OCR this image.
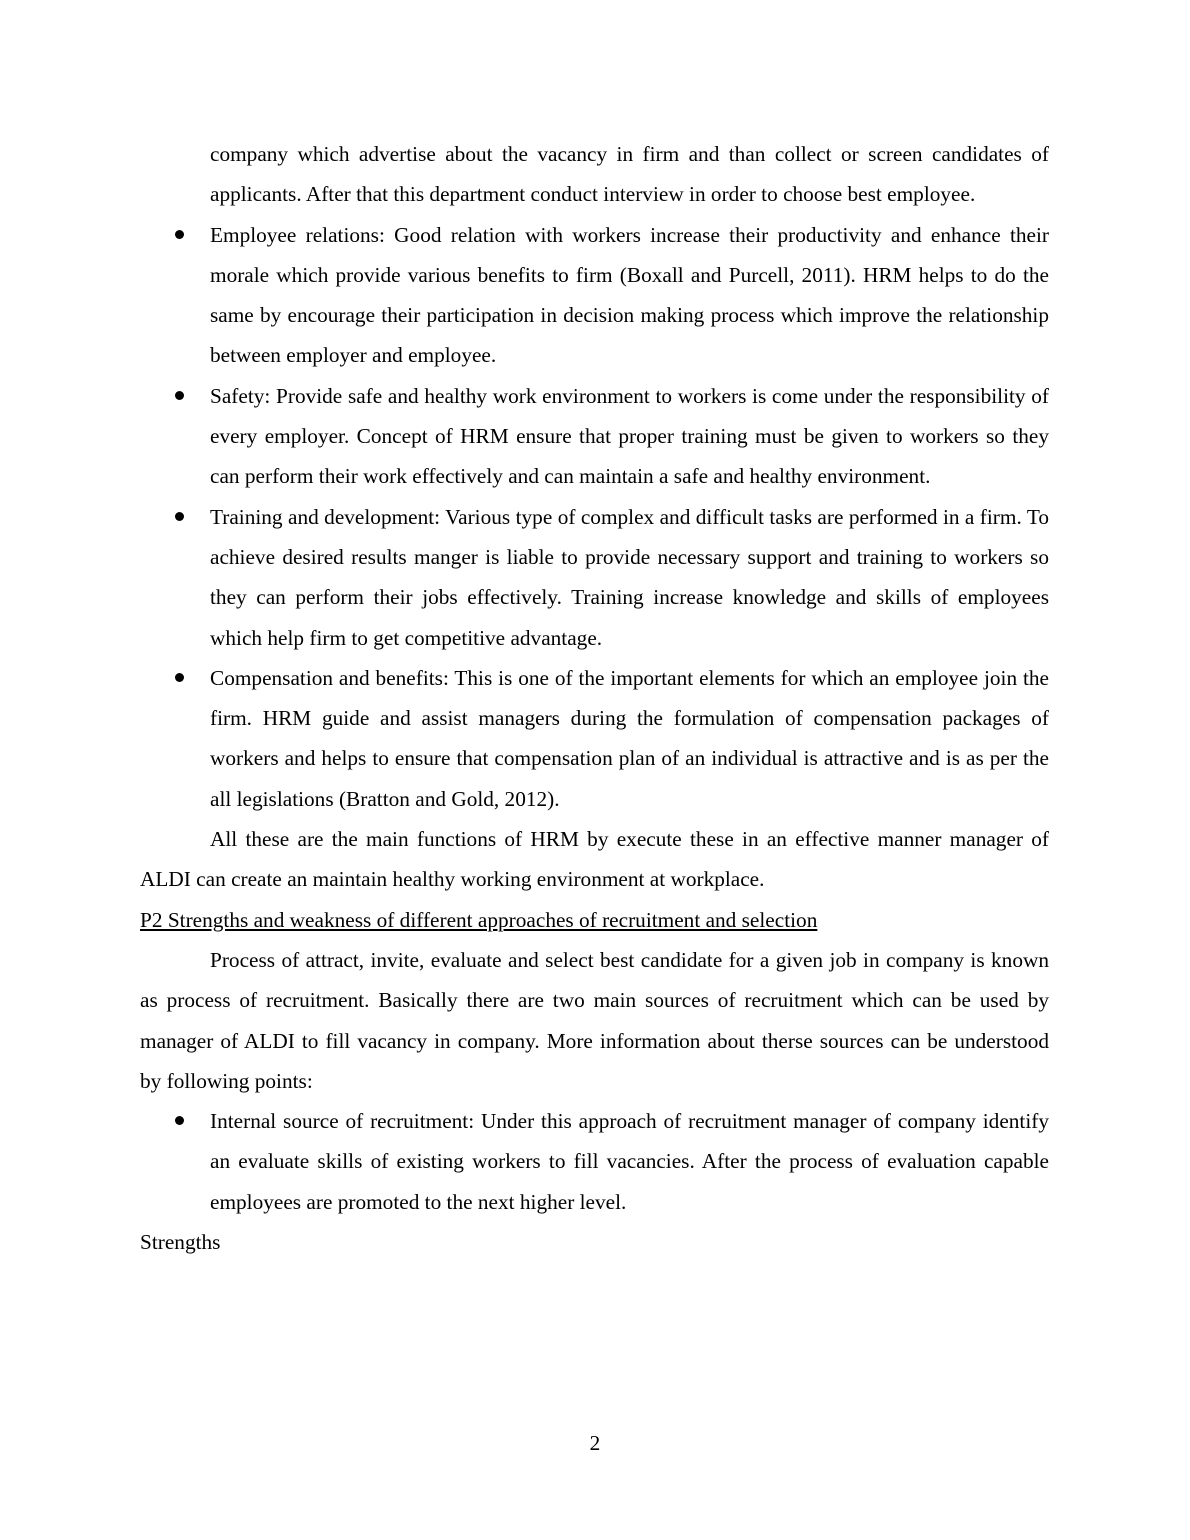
company which advertise about the vacancy in firm and than collect or screen candidates of applicants. After that this department conduct interview in order to choose best employee.

Employee relations: Good relation with workers increase their productivity and enhance their morale which provide various benefits to firm (Boxall and Purcell, 2011). HRM helps to do the same by encourage their participation in decision making process which improve the relationship between employer and employee.

Safety: Provide safe and healthy work environment to workers is come under the responsibility of every employer. Concept of HRM ensure that proper training must be given to workers so they can perform their work effectively and can maintain a safe and healthy environment.

Training and development: Various type of complex and difficult tasks are performed in a firm. To achieve desired results manger is liable to provide necessary support and training to workers so they can perform their jobs effectively. Training increase knowledge and skills of employees which help firm to get competitive advantage.

Compensation and benefits: This is one of the important elements for which an employee join the firm. HRM guide and assist managers during the formulation of compensation packages of workers and helps to ensure that compensation plan of an individual is attractive and is as per the all legislations (Bratton and Gold, 2012).

All these are the main functions of HRM by execute these in an effective manner manager of ALDI can create an maintain healthy working environment at workplace.

P2 Strengths and weakness of different approaches of recruitment and selection

Process of attract, invite, evaluate and select best candidate for a given job in company is known as process of recruitment. Basically there are two main sources of recruitment which can be used by manager of ALDI to fill vacancy in company. More information about therse sources can be understood by following points:

Internal source of recruitment: Under this approach of recruitment manager of company identify an evaluate skills of existing workers to fill vacancies. After the process of evaluation capable employees are promoted to the next higher level.

Strengths

2
